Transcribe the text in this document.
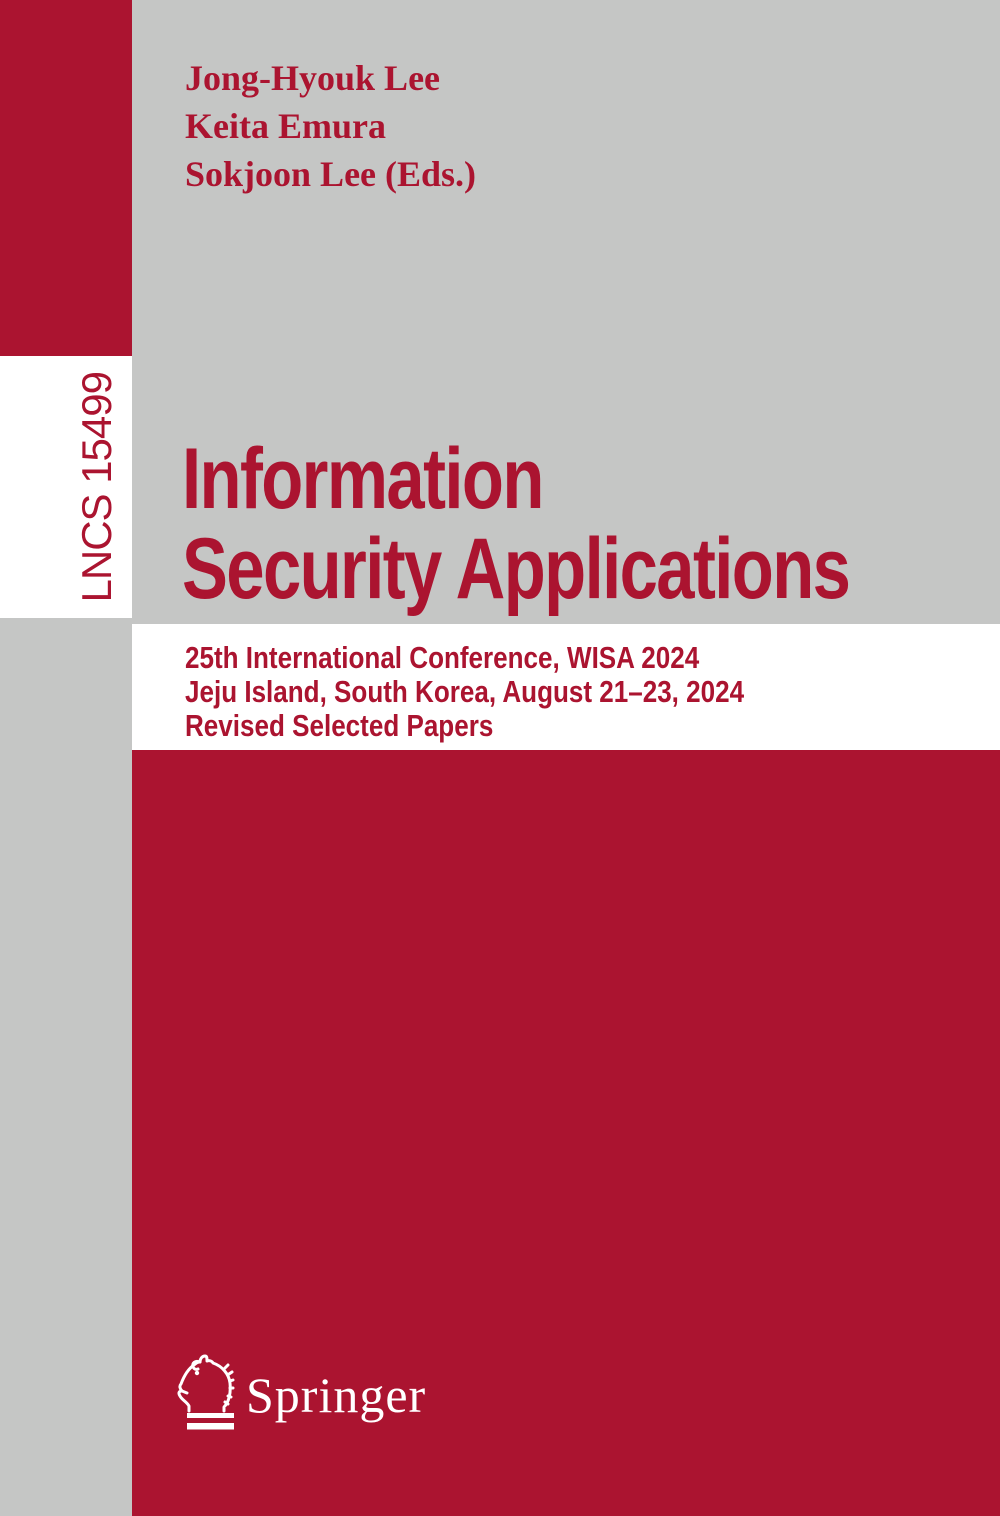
LNCS 15499
Jong-Hyouk Lee
Keita Emura
Sokjoon Lee (Eds.)
Information
Security Applications
25th International Conference, WISA 2024
Jeju Island, South Korea, August 21–23, 2024
Revised Selected Papers
Springer
